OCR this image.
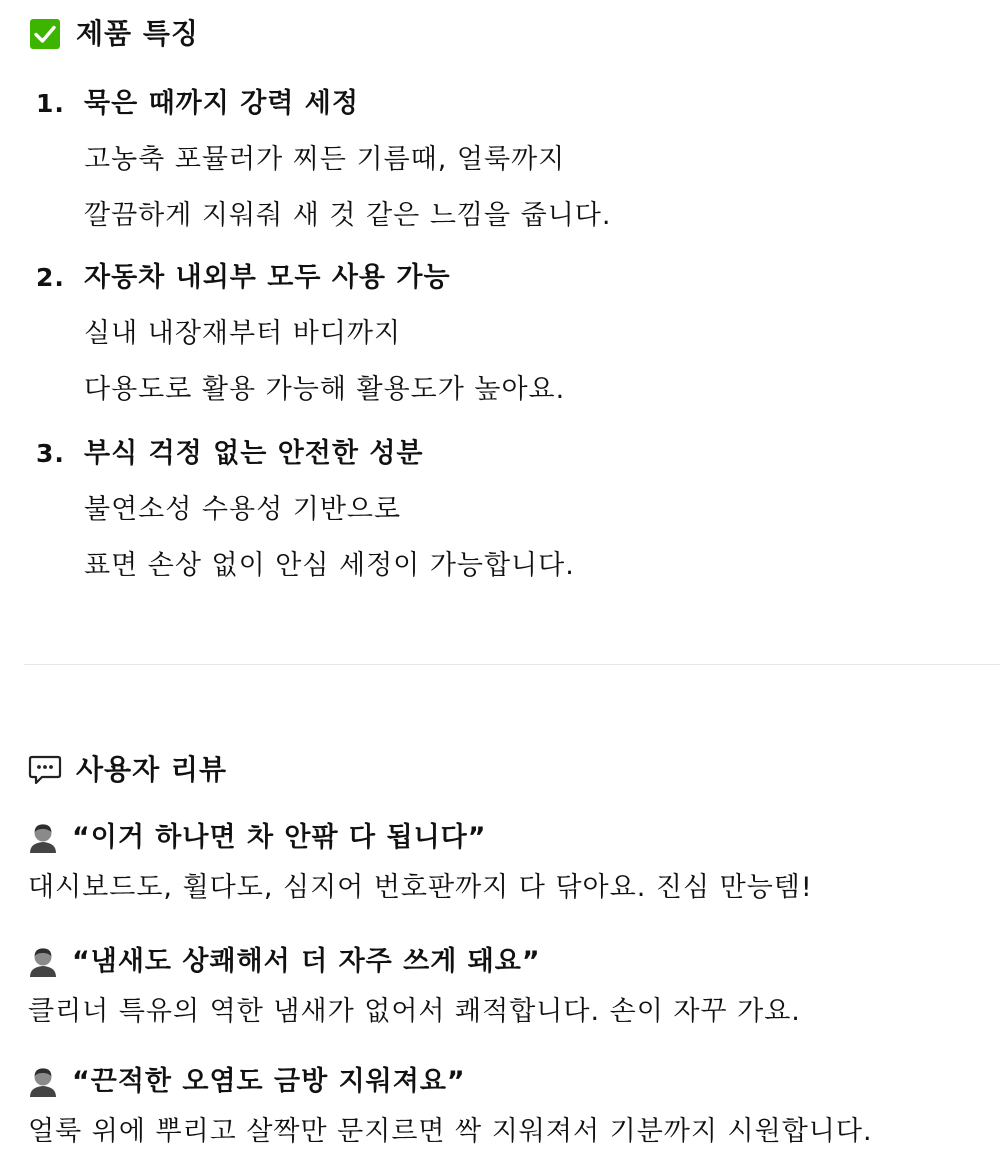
제품 특징
1. 묵은 때까지 강력 세정
고농축 포뮬러가 찌든 기름때, 얼룩까지
깔끔하게 지워줘 새 것 같은 느낌을 줍니다.
2. 자동차 내외부 모두 사용 가능
실내 내장재부터 바디까지
다용도로 활용 가능해 활용도가 높아요.
3. 부식 걱정 없는 안전한 성분
불연소성 수용성 기반으로
표면 손상 없이 안심 세정이 가능합니다.
사용자 리뷰
“이거 하나면 차 안팎 다 됩니다”
대시보드도, 휠다도, 심지어 번호판까지 다 닦아요. 진심 만능템!
“냄새도 상쾌해서 더 자주 쓰게 돼요”
클리너 특유의 역한 냄새가 없어서 쾌적합니다. 손이 자꾸 가요.
“끈적한 오염도 금방 지워져요”
얼룩 위에 뿌리고 살짝만 문지르면 싹 지워져서 기분까지 시원합니다.
